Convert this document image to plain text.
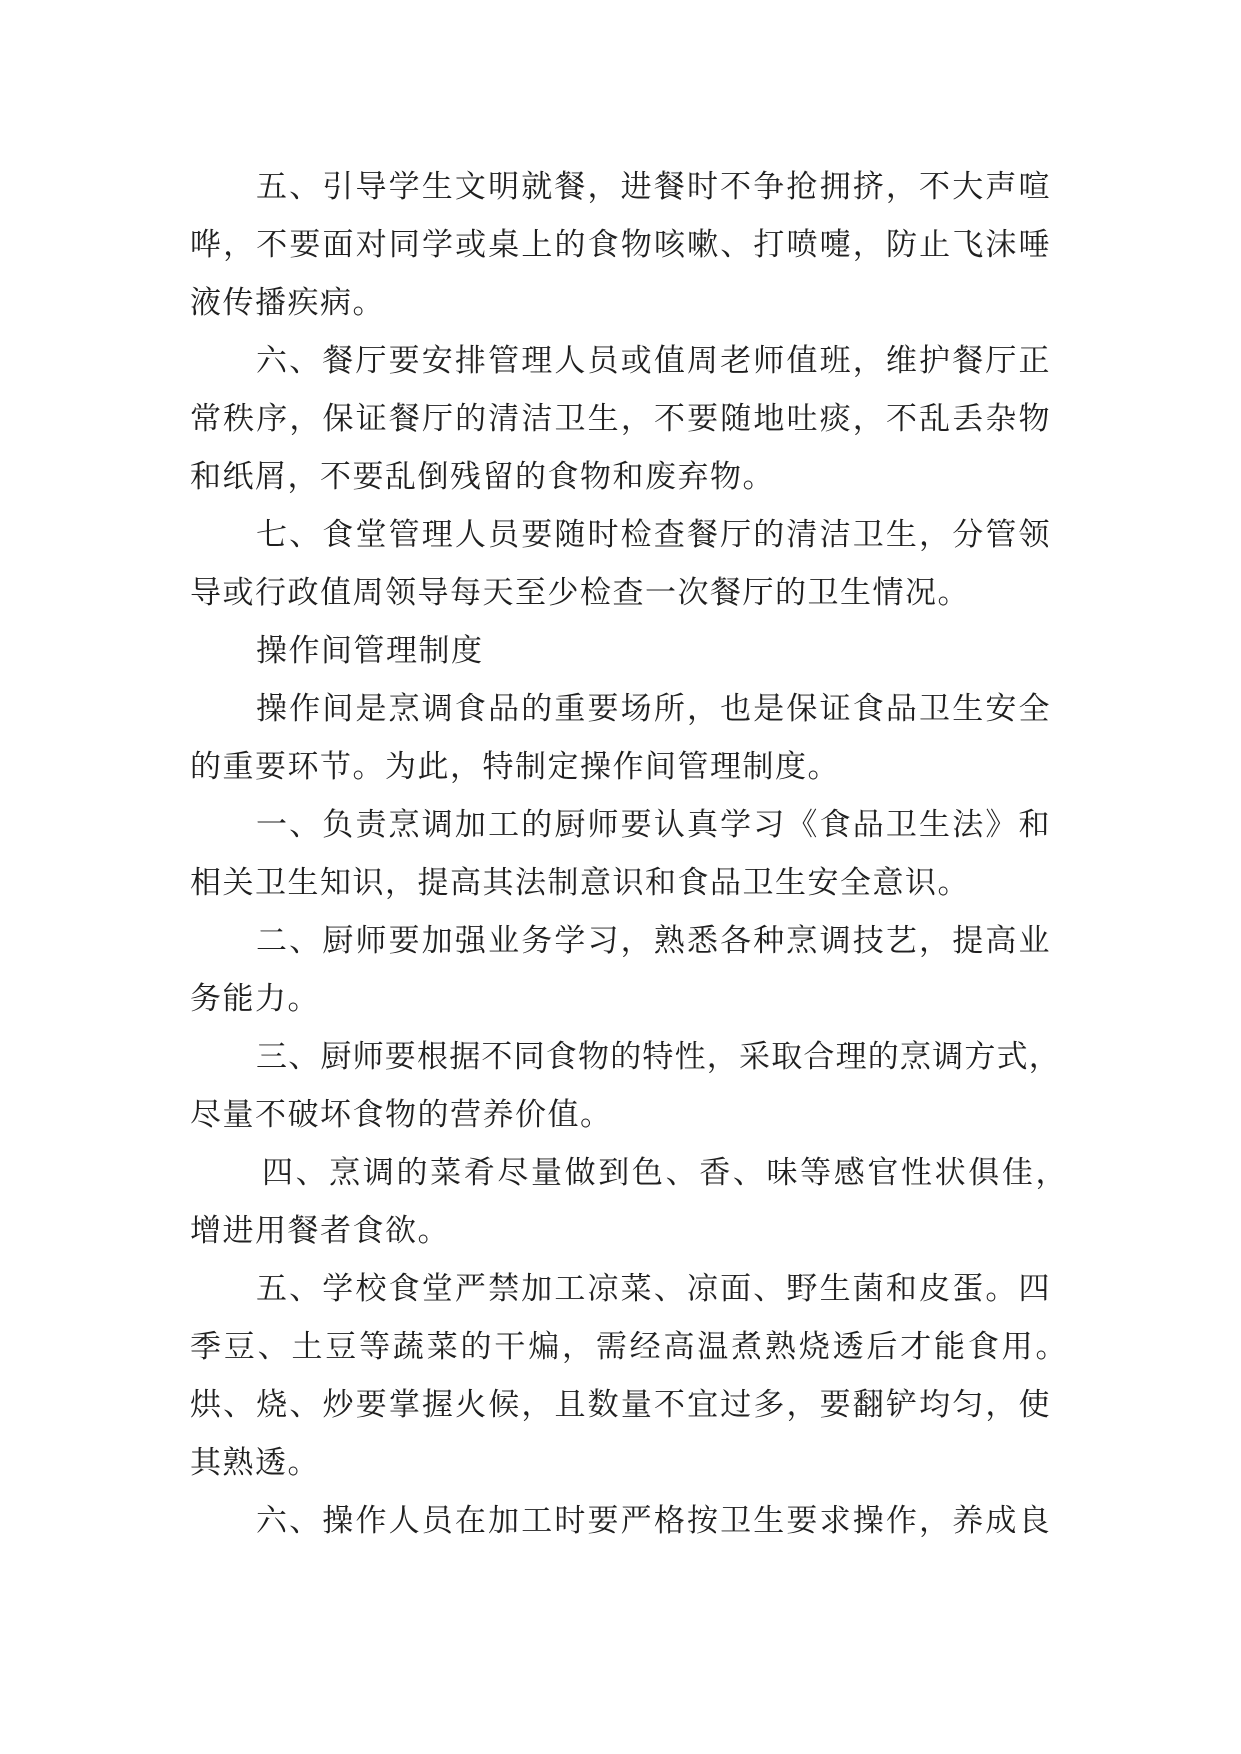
五、引导学生文明就餐，进餐时不争抢拥挤，不大声喧
哗，不要面对同学或桌上的食物咳嗽、打喷嚏，防止飞沫唾
液传播疾病。
六、餐厅要安排管理人员或值周老师值班，维护餐厅正
常秩序，保证餐厅的清洁卫生，不要随地吐痰，不乱丢杂物
和纸屑，不要乱倒残留的食物和废弃物。
七、食堂管理人员要随时检查餐厅的清洁卫生，分管领
导或行政值周领导每天至少检查一次餐厅的卫生情况。
操作间管理制度
操作间是烹调食品的重要场所，也是保证食品卫生安全
的重要环节。为此，特制定操作间管理制度。
一、负责烹调加工的厨师要认真学习《食品卫生法》和
相关卫生知识，提高其法制意识和食品卫生安全意识。
二、厨师要加强业务学习，熟悉各种烹调技艺，提高业
务能力。
三、厨师要根据不同食物的特性，采取合理的烹调方式，
尽量不破坏食物的营养价值。
四、烹调的菜肴尽量做到色、香、味等感官性状俱佳，
增进用餐者食欲。
五、学校食堂严禁加工凉菜、凉面、野生菌和皮蛋。四
季豆、土豆等蔬菜的干煸，需经高温煮熟烧透后才能食用。
烘、烧、炒要掌握火候，且数量不宜过多，要翻铲均匀，使
其熟透。
六、操作人员在加工时要严格按卫生要求操作，养成良
